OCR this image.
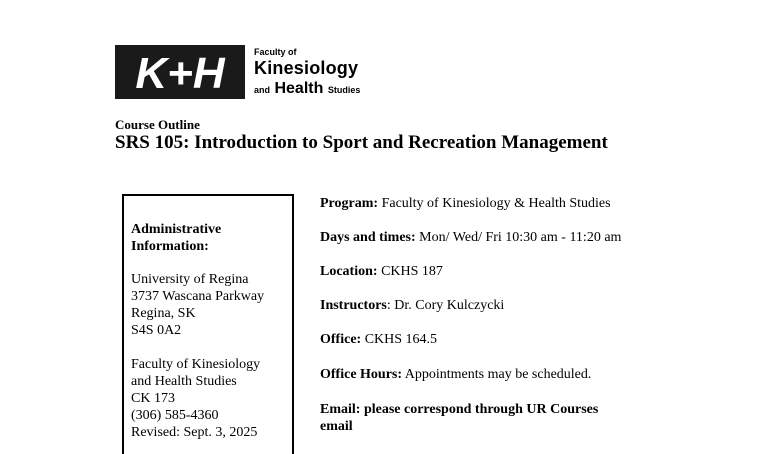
K+H	Faculty of
Kinesiology
and Health Studies
Course Outline
SRS 105: Introduction to Sport and Recreation Management
Administrative
Information:
University of Regina
3737 Wascana Parkway
Regina, SK
S4S 0A2
Faculty of Kinesiology
and Health Studies
CK 173
(306) 585-4360
Revised: Sept. 3, 2025
Program: Faculty of Kinesiology & Health Studies
Days and times: Mon/ Wed/ Fri 10:30 am - 11:20 am
Location: CKHS 187
Instructors: Dr. Cory Kulczycki
Office: CKHS 164.5
Office Hours: Appointments may be scheduled.
Email: please correspond through UR Courses
email
